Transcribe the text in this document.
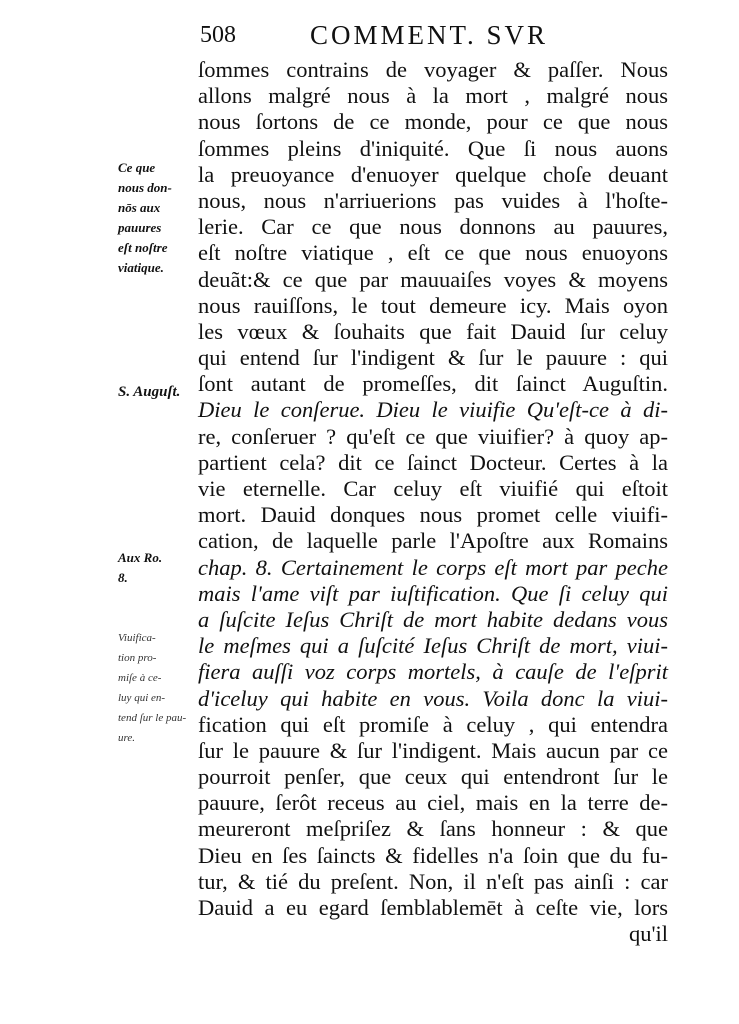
508	COMMENT. SVR
Ce que
nous don-
nōs aux
pauures
eſt noſtre
viatique.
S. Auguſt.
Aux Ro.
8.
Viuifica-
tion pro-
miſe à ce-
luy qui en-
tend ſur le pau-
ure.
ſommes contrains de voyager & paſſer. Nous
allons malgré nous à la mort , malgré nous
nous ſortons de ce monde, pour ce que nous
ſommes pleins d'iniquité. Que ſi nous auons
la preuoyance d'enuoyer quelque choſe deuant
nous, nous n'arriuerions pas vuides à l'hoſte-
lerie. Car ce que nous donnons au pauures,
eſt noſtre viatique , eſt ce que nous enuoyons
deuãt:& ce que par mauuaiſes voyes & moyens
nous rauiſſons, le tout demeure icy. Mais oyon
les vœux & ſouhaits que fait Dauid ſur celuy
qui entend ſur l'indigent & ſur le pauure : qui
ſont autant de promeſſes, dit ſainct Auguſtin.
Dieu le conſerue. Dieu le viuifie Qu'eſt-ce à di-
re, conſeruer ? qu'eſt ce que viuifier? à quoy ap-
partient cela? dit ce ſainct Docteur. Certes à la
vie eternelle. Car celuy eſt viuifié qui eſtoit
mort. Dauid donques nous promet celle viuifi-
cation, de laquelle parle l'Apoſtre aux Romains
chap. 8. Certainement le corps eſt mort par peche
mais l'ame viſt par iuſtification. Que ſi celuy qui
a ſuſcite Ieſus Chriſt de mort habite dedans vous
le meſmes qui a ſuſcité Ieſus Chriſt de mort, viui-
fiera auſſi voz corps mortels, à cauſe de l'eſprit
d'iceluy qui habite en vous. Voila donc la viui-
fication qui eſt promiſe à celuy , qui entendra
ſur le pauure & ſur l'indigent. Mais aucun par ce
pourroit penſer, que ceux qui entendront ſur le
pauure, ſerôt receus au ciel, mais en la terre de-
meureront meſpriſez & ſans honneur : & que
Dieu en ſes ſaincts & fidelles n'a ſoin que du fu-
tur, & tié du preſent. Non, il n'eſt pas ainſi : car
Dauid a eu egard ſemblablemēt à ceſte vie, lors
qu'il
